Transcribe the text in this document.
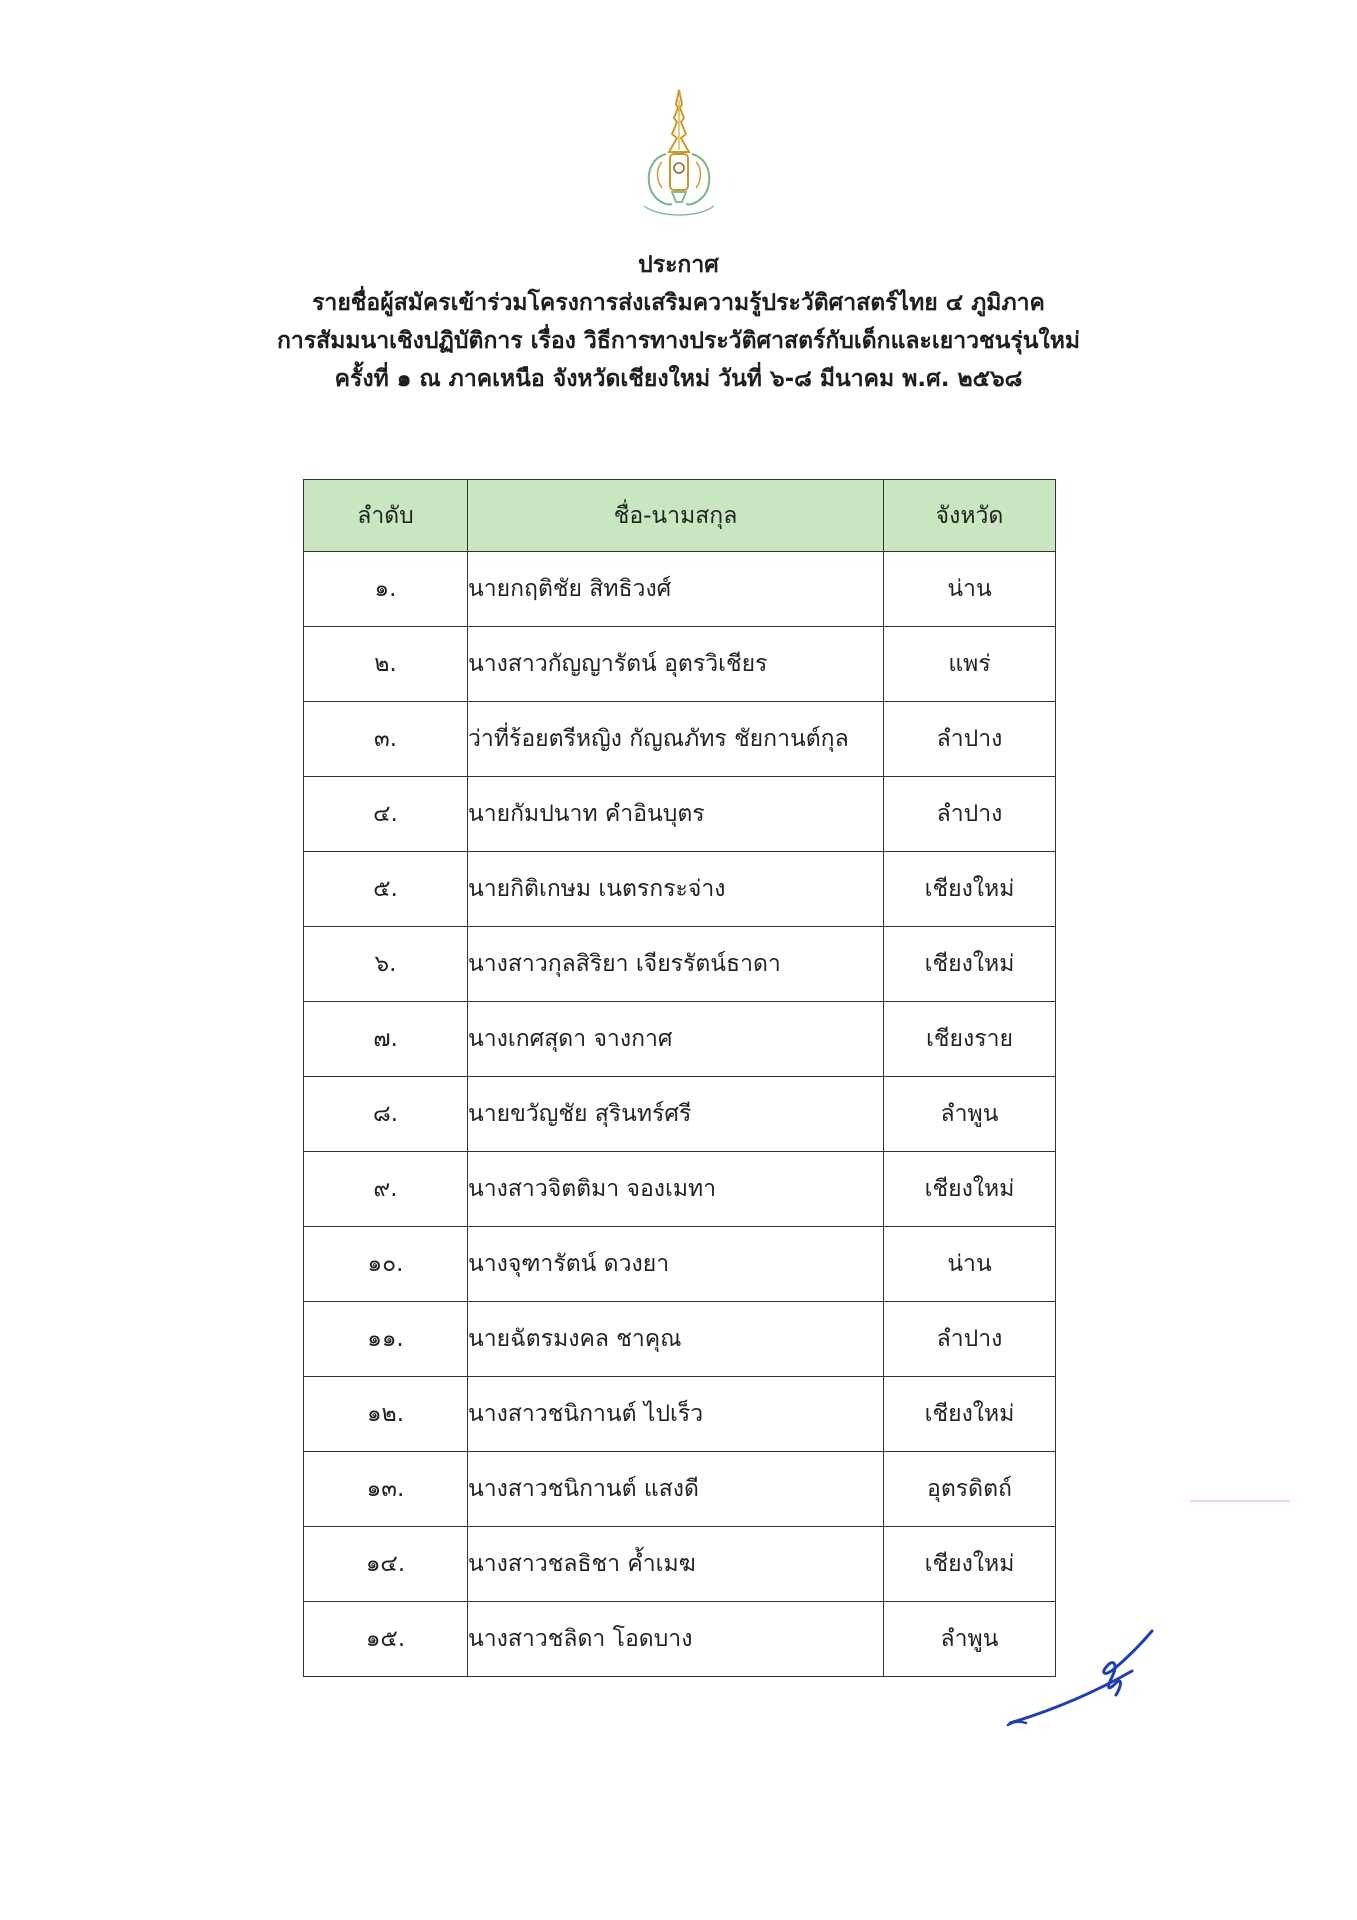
ประกาศ
รายชื่อผู้สมัครเข้าร่วมโครงการส่งเสริมความรู้ประวัติศาสตร์ไทย ๔ ภูมิภาค
การสัมมนาเชิงปฏิบัติการ เรื่อง วิธีการทางประวัติศาสตร์กับเด็กและเยาวชนรุ่นใหม่
ครั้งที่ ๑ ณ ภาคเหนือ จังหวัดเชียงใหม่ วันที่ ๖-๘ มีนาคม พ.ศ. ๒๕๖๘
ลำดับ	ชื่อ-นามสกุล	จังหวัด
๑.	นายกฤติชัย สิทธิวงศ์	น่าน
๒.	นางสาวกัญญารัตน์ อุตรวิเชียร	แพร่
๓.	ว่าที่ร้อยตรีหญิง กัญณภัทร ชัยกานต์กุล	ลำปาง
๔.	นายกัมปนาท คำอินบุตร	ลำปาง
๕.	นายกิติเกษม เนตรกระจ่าง	เชียงใหม่
๖.	นางสาวกุลสิริยา เจียรรัตน์ธาดา	เชียงใหม่
๗.	นางเกศสุดา จางกาศ	เชียงราย
๘.	นายขวัญชัย สุรินทร์ศรี	ลำพูน
๙.	นางสาวจิตติมา จองเมทา	เชียงใหม่
๑๐.	นางจุฑารัตน์ ดวงยา	น่าน
๑๑.	นายฉัตรมงคล ชาคุณ	ลำปาง
๑๒.	นางสาวชนิกานต์ ไปเร็ว	เชียงใหม่
๑๓.	นางสาวชนิกานต์ แสงดี	อุตรดิตถ์
๑๔.	นางสาวชลธิชา ค้ำเมฆ	เชียงใหม่
๑๕.	นางสาวชลิดา โอดบาง	ลำพูน
